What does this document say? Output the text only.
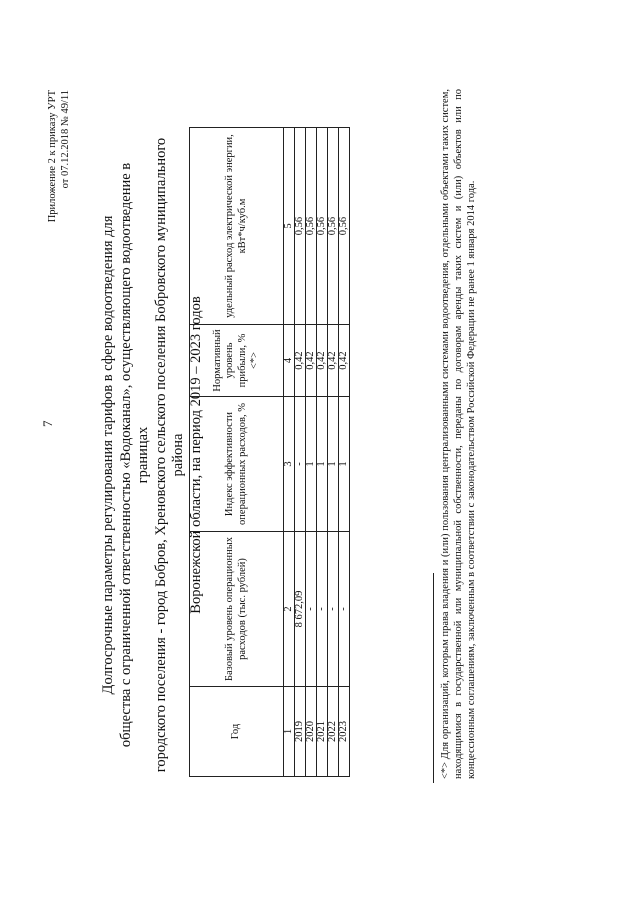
7
Приложение 2 к приказу УРТ от 07.12.2018 № 49/11
Долгосрочные параметры регулирования тарифов в сфере водоотведения для общества с ограниченной ответственностью «Водоканал», осуществляющего водоотведение в границах городского поселения - город Бобров, Хреновского сельского поселения Бобровского муниципального района Воронежской области, на период 2019 – 2023 годов
Год	Базовый уровень операционных расходов (тыс. рублей)	Индекс эффективности операционных расходов, %	Нормативный уровень прибыли, % <*>	удельный расход электрической энергии, кВт*ч/куб.м
1	2	3	4	5
2019	8 672,09	-	0,42	0,56
2020	-	1	0,42	0,56
2021	-	1	0,42	0,56
2022	-	1	0,42	0,56
2023	-	1	0,42	0,56	<*> Для организаций, которым права владения и (или) пользования централизованными системами водоотведения, отдельными объектами таких систем, находящимися в государственной или муниципальной собственности, переданы по договорам аренды таких систем и (или) объектов или по концессионным соглашениям, заключенным в соответствии с законодательством Российской Федерации не ранее 1 января 2014 года.
